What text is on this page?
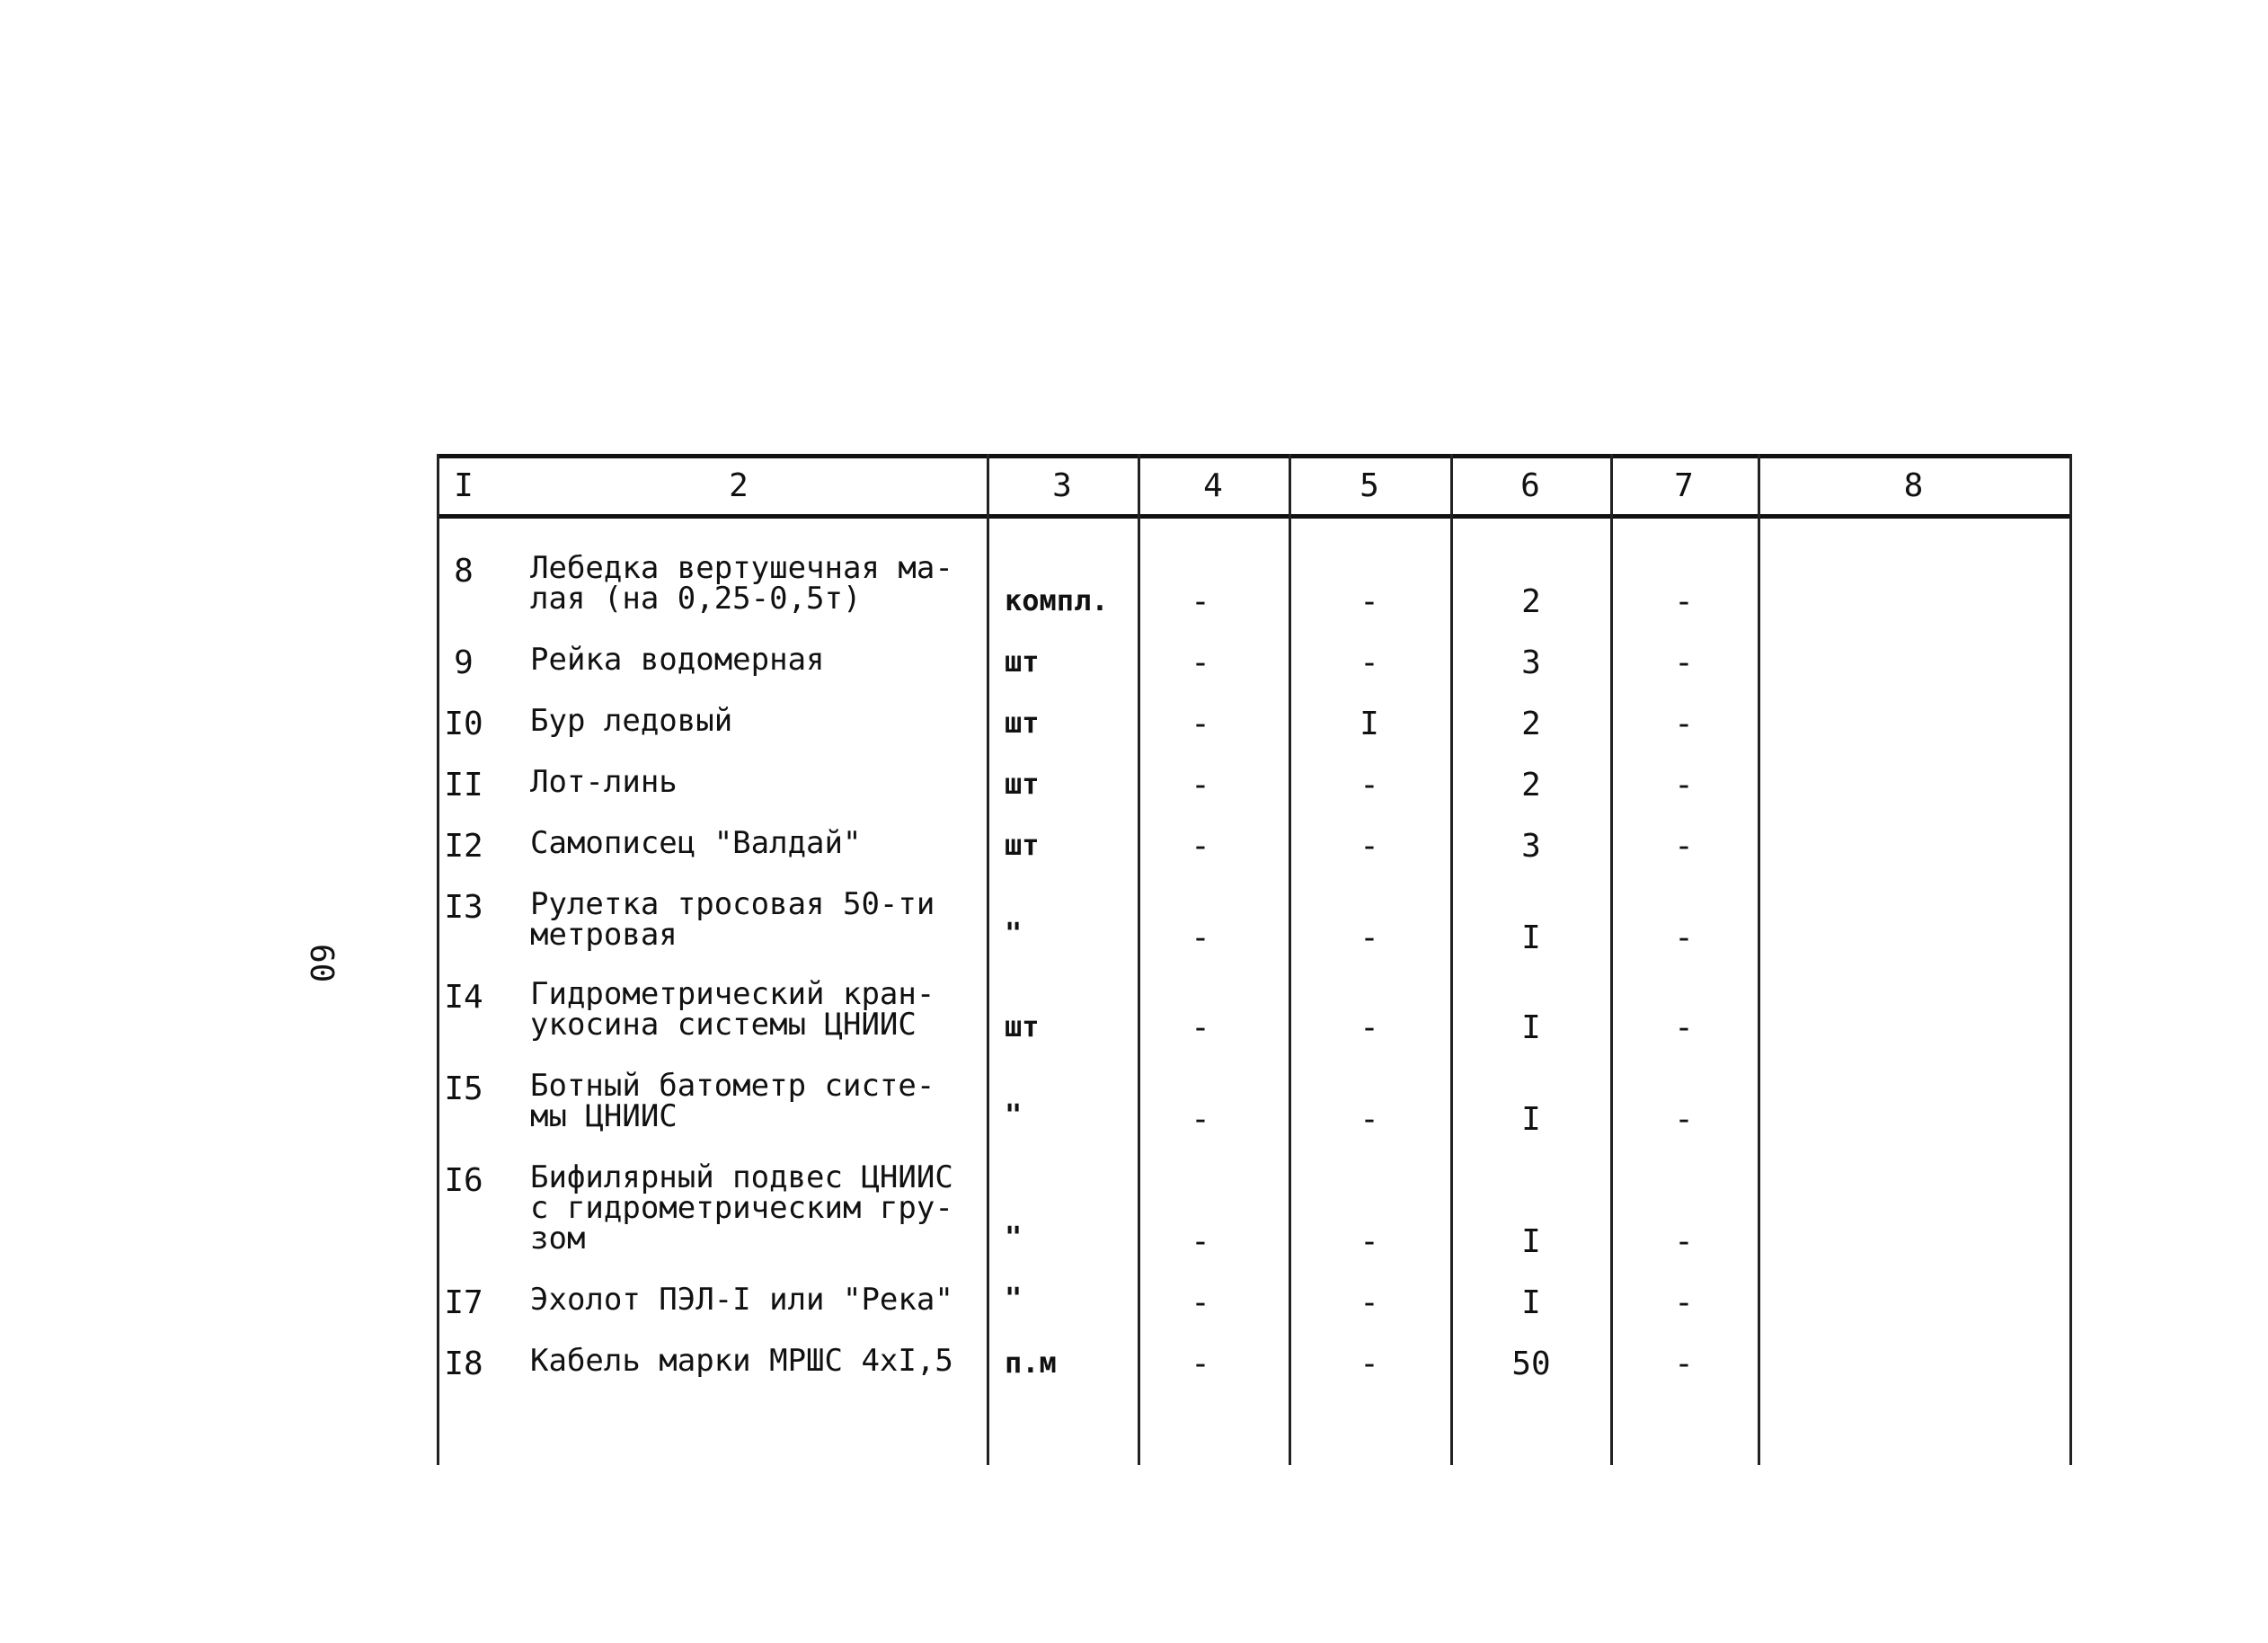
60
I	2	3	4	5	6	7	8
8	Лебедка вертушечная ма-
лая (на 0,25-0,5т)	компл.	-	-	2	-
9	Рейка водомерная	шт	-	-	3	-
I0 Бур ледовый	шт	-	I	2	-
II Лот-линь	шт	-	-	2	-
I2 Самописец "Валдай"	шт	-	-	3	-
I3 Рулетка тросовая 50-ти
метровая	"	-	-	I	-
I4 Гидрометрический кран-
укосина системы ЦНИИС	шт	-	-	I	-
I5 Ботный батометр систе-
мы ЦНИИС	"	-	-	I	-
I6 Бифилярный подвес ЦНИИС
с гидрометрическим гру-
зом	"	-	-	I	-
I7 Эхолот ПЭЛ-I или "Река"	"	-	-	I	-
I8 Кабель марки МРШС 4хI,5	п.м	-	-	50	-
